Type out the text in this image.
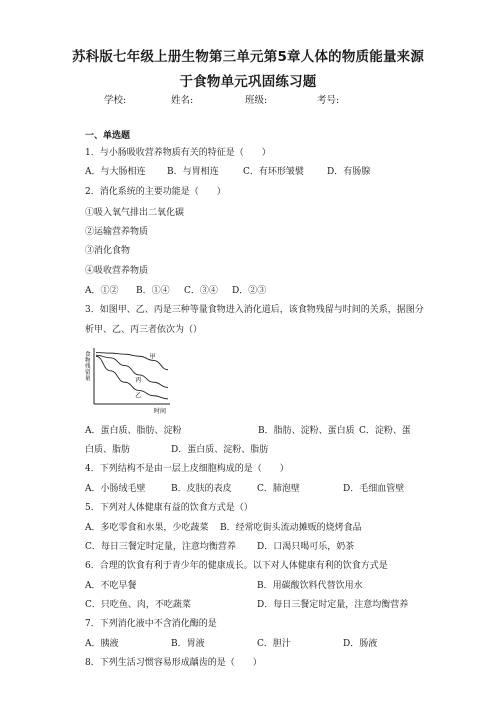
苏科版七年级上册生物第三单元第5章人体的物质能量来源
于食物单元巩固练习题
学校:	姓名:	班级:	考号:
一、单选题
1．与小肠吸收营养物质有关的特征是（　　）
A．与大肠相连 B．与胃相连	C．有环形皱襞	D．有肠腺
2．消化系统的主要功能是（　　）
①吸入氧气排出二氧化碳
②运输营养物质
③消化食物
④吸收营养物质
A．①② B．①④ C．③④ D．②③
3．如图甲、乙、丙是三种等量食物进入消化道后，该食物残留与时间的关系，据图分
析甲、乙、丙三者依次为（）
食物残留量
时间
甲
丙
乙
A．蛋白质、脂肪、淀粉	B．脂肪、淀粉、蛋白质 C．淀粉、蛋
白质、脂肪	D．蛋白质、淀粉、脂肪
4．下列结构不是由一层上皮细胞构成的是（　　）
A．小肠绒毛壁	B．皮肤的表皮	C．肺泡壁	D．毛细血管壁
5．下列对人体健康有益的饮食方式是（）
A．多吃零食和水果，少吃蔬菜 B．经常吃街头流动摊贩的烧烤食品
C．每日三餐定时定量，注意均衡营养 D．口渴只喝可乐，奶茶
6．合理的饮食有利于青少年的健康成长。以下对人体健康有利的饮食方式是
A．不吃早餐	B．用碳酸饮料代替饮用水
C．只吃鱼、肉，不吃蔬菜	D．每日三餐定时定量，注意均衡营养
7．下列消化液中不含消化酶的是
A．胰液	B．胃液	C．胆汁	D．肠液
8．下列生活习惯容易形成龋齿的是（　　）
